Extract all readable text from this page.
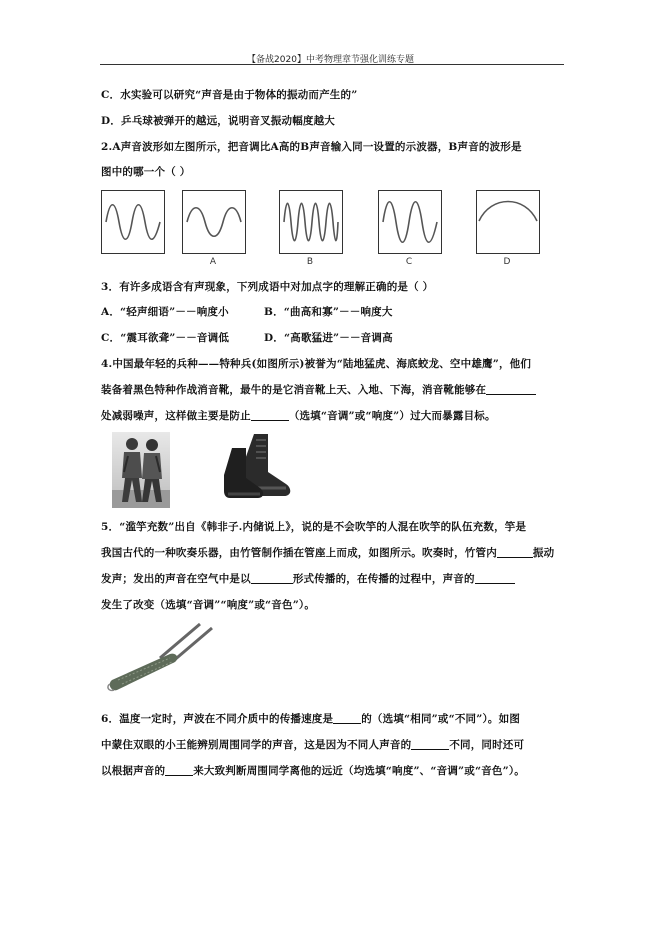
【备战2020】中考物理章节强化训练专题
C．水实验可以研究“声音是由于物体的振动而产生的”
D．乒乓球被弹开的越远，说明音叉振动幅度越大
2.A声音波形如左图所示，把音调比A高的B声音输入同一设置的示波器，B声音的波形是
图中的哪一个（ ）
A	B	C	D
3．有许多成语含有声现象，下列成语中对加点字的理解正确的是（ ）
A．“轻声细语”－－响度小	B．“曲高和寡”－－响度大
C．“震耳欲聋”－－音调低	D．“高歌猛进”－－音调高
4.中国最年轻的兵种——特种兵(如图所示)被誉为“陆地猛虎、海底蛟龙、空中雄鹰”，他们
装备着黑色特种作战消音靴，最牛的是它消音靴上天、入地、下海，消音靴能够在
处减弱噪声，这样做主要是防止	（选填“音调”或“响度”）过大而暴露目标。
5．“滥竽充数”出自《韩非子.内储说上》，说的是不会吹竽的人混在吹竽的队伍充数，竽是
我国古代的一种吹奏乐器，由竹管制作插在管座上而成，如图所示。吹奏时，竹管内	振动
发声；发出的声音在空气中是以	形式传播的，在传播的过程中，声音的
发生了改变（选填“音调”“响度”或“音色”）。
6．温度一定时，声波在不同介质中的传播速度是	的（选填“相同”或“不同”）。如图
中蒙住双眼的小王能辨别周围同学的声音，这是因为不同人声音的	不同，同时还可
以根据声音的	来大致判断周围同学离他的远近（均选填“响度”、“音调”或“音色”）。
